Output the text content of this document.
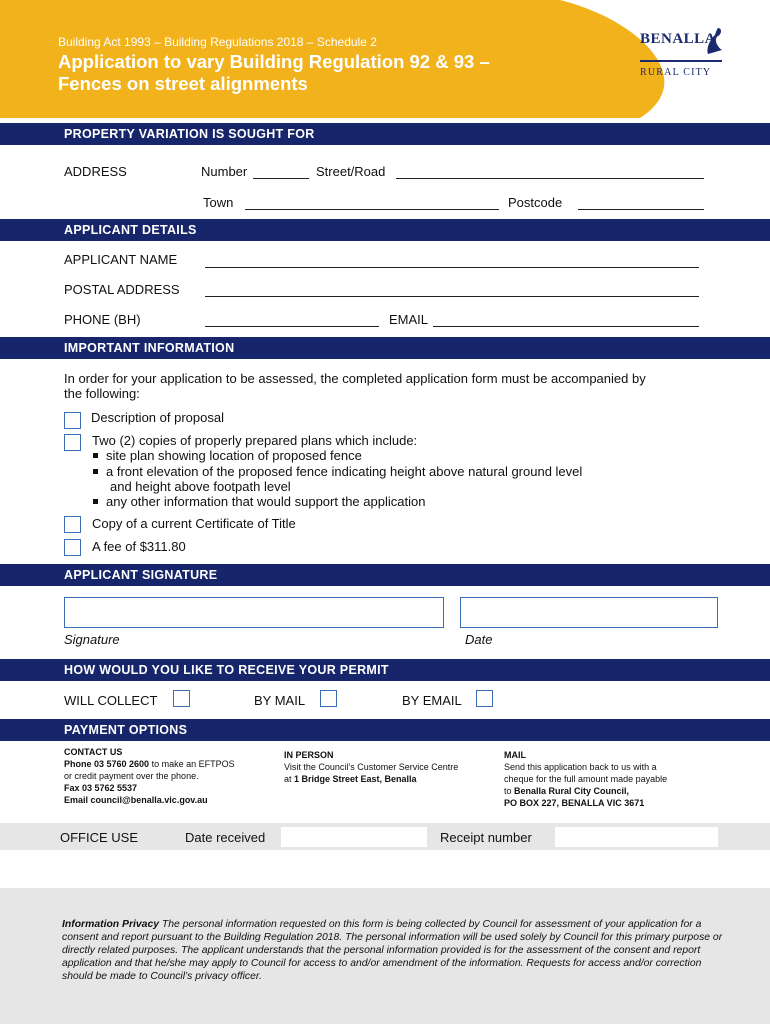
Building Act 1993 – Building Regulations 2018 – Schedule 2
Application to vary Building Regulation 92 & 93 –
Fences on street alignments
BENALLA
RURAL CITY
PROPERTY VARIATION IS SOUGHT FOR
ADDRESS	Number	Street/Road
Town	Postcode
APPLICANT DETAILS
APPLICANT NAME
POSTAL ADDRESS
PHONE (BH)	EMAIL
IMPORTANT INFORMATION
In order for your application to be assessed, the completed application form must be accompanied by
the following:
Description of proposal
Two (2) copies of properly prepared plans which include:
site plan showing location of proposed fence
a front elevation of the proposed fence indicating height above natural ground level
and height above footpath level
any other information that would support the application
Copy of a current Certificate of Title
A fee of $311.80
APPLICANT SIGNATURE
Signature	Date
HOW WOULD YOU LIKE TO RECEIVE YOUR PERMIT
WILL COLLECT	BY MAIL	BY EMAIL
PAYMENT OPTIONS
CONTACT US
Phone 03 5760 2600 to make an EFTPOS
or credit payment over the phone.
Fax 03 5762 5537
Email council@benalla.vic.gov.au
IN PERSON
Visit the Council’s Customer Service Centre
at 1 Bridge Street East, Benalla
MAIL
Send this application back to us with a
cheque for the full amount made payable
to Benalla Rural City Council,
PO BOX 227, BENALLA VIC 3671
OFFICE USE	Date received	Receipt number
Information Privacy The personal information requested on this form is being collected by Council for assessment of your application for a consent and report pursuant to the Building Regulation 2018. The personal information will be used solely by Council for this primary purpose or directly related purposes. The applicant understands that the personal information provided is for the assessment of the consent and report application and that he/she may apply to Council for access to and/or amendment of the information. Requests for access and/or correction should be made to Council’s privacy officer.
